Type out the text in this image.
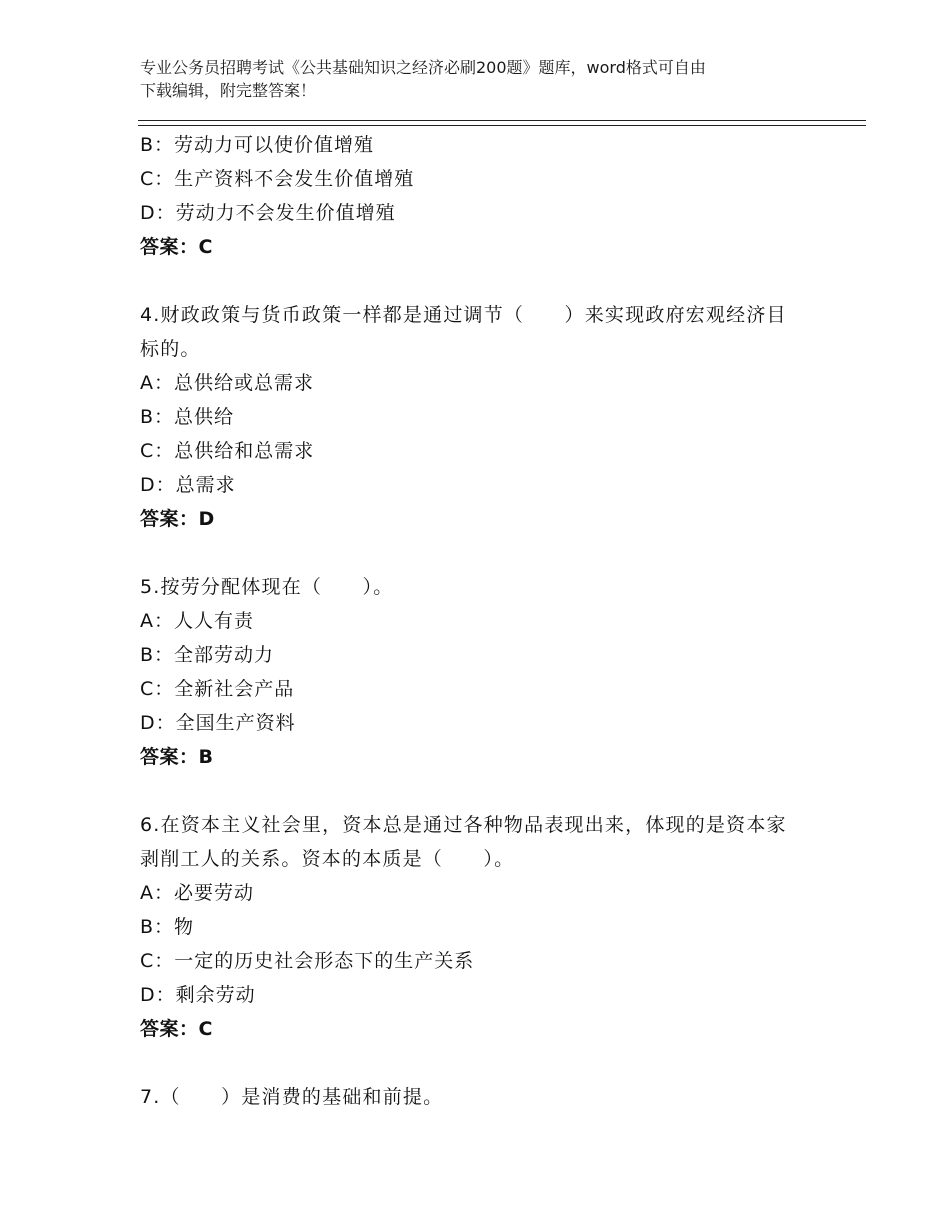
专业公务员招聘考试《公共基础知识之经济必刷200题》题库，word格式可自由
下载编辑，附完整答案！
B：劳动力可以使价值增殖
C：生产资料不会发生价值增殖
D：劳动力不会发生价值增殖
答案：C
4.财政政策与货币政策一样都是通过调节（　　）来实现政府宏观经济目标的。
A：总供给或总需求
B：总供给
C：总供给和总需求
D：总需求
答案：D
5.按劳分配体现在（　　）。
A：人人有责
B：全部劳动力
C：全新社会产品
D：全国生产资料
答案：B
6.在资本主义社会里，资本总是通过各种物品表现出来，体现的是资本家剥削工人的关系。资本的本质是（　　）。
A：必要劳动
B：物
C：一定的历史社会形态下的生产关系
D：剩余劳动
答案：C
7.（　　）是消费的基础和前提。
